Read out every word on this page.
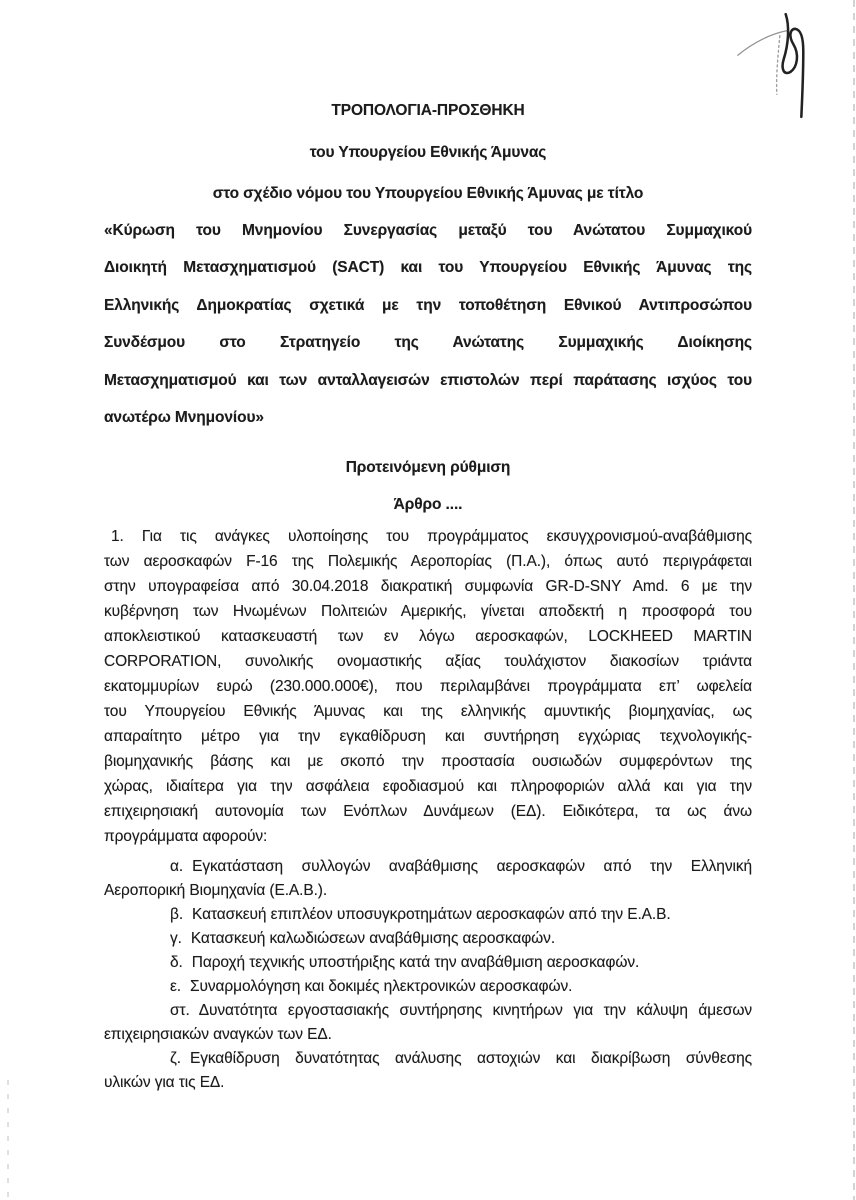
ΤΡΟΠΟΛΟΓΙΑ-ΠΡΟΣΘΗΚΗ

του Υπουργείου Εθνικής Άμυνας

στο σχέδιο νόμου του Υπουργείου Εθνικής Άμυνας με τίτλο

«Κύρωση του Μνημονίου Συνεργασίας μεταξύ του Ανώτατου Συμμαχικού
Διοικητή Μετασχηματισμού (SACT) και του Υπουργείου Εθνικής Άμυνας της
Ελληνικής Δημοκρατίας σχετικά με την τοποθέτηση Εθνικού Αντιπροσώπου
Συνδέσμου στο Στρατηγείο της Ανώτατης Συμμαχικής Διοίκησης
Μετασχηματισμού και των ανταλλαγεισών επιστολών περί παράτασης ισχύος του
ανωτέρω Μνημονίου»

Προτεινόμενη ρύθμιση

Άρθρο ....

1. Για τις ανάγκες υλοποίησης του προγράμματος εκσυγχρονισμού-αναβάθμισης
των αεροσκαφών F-16 της Πολεμικής Αεροπορίας (Π.Α.), όπως αυτό περιγράφεται
στην υπογραφείσα από 30.04.2018 διακρατική συμφωνία GR-D-SNY Amd. 6 με την
κυβέρνηση των Ηνωμένων Πολιτειών Αμερικής, γίνεται αποδεκτή η προσφορά του
αποκλειστικού κατασκευαστή των εν λόγω αεροσκαφών, LOCKHEED MARTIN
CORPORATION, συνολικής ονομαστικής αξίας τουλάχιστον διακοσίων τριάντα
εκατομμυρίων ευρώ (230.000.000€), που περιλαμβάνει προγράμματα επ’ ωφελεία
του Υπουργείου Εθνικής Άμυνας και της ελληνικής αμυντικής βιομηχανίας, ως
απαραίτητο μέτρο για την εγκαθίδρυση και συντήρηση εγχώριας τεχνολογικής-
βιομηχανικής βάσης και με σκοπό την προστασία ουσιωδών συμφερόντων της
χώρας, ιδιαίτερα για την ασφάλεια εφοδιασμού και πληροφοριών αλλά και για την
επιχειρησιακή αυτονομία των Ενόπλων Δυνάμεων (ΕΔ). Ειδικότερα, τα ως άνω
προγράμματα αφορούν:
α. Εγκατάσταση συλλογών αναβάθμισης αεροσκαφών από την Ελληνική
Αεροπορική Βιομηχανία (Ε.Α.Β.).
β. Κατασκευή επιπλέον υποσυγκροτημάτων αεροσκαφών από την Ε.Α.Β.
γ. Κατασκευή καλωδιώσεων αναβάθμισης αεροσκαφών.
δ. Παροχή τεχνικής υποστήριξης κατά την αναβάθμιση αεροσκαφών.
ε. Συναρμολόγηση και δοκιμές ηλεκτρονικών αεροσκαφών.
στ. Δυνατότητα εργοστασιακής συντήρησης κινητήρων για την κάλυψη άμεσων
επιχειρησιακών αναγκών των ΕΔ.
ζ. Εγκαθίδρυση δυνατότητας ανάλυσης αστοχιών και διακρίβωση σύνθεσης
υλικών για τις ΕΔ.
